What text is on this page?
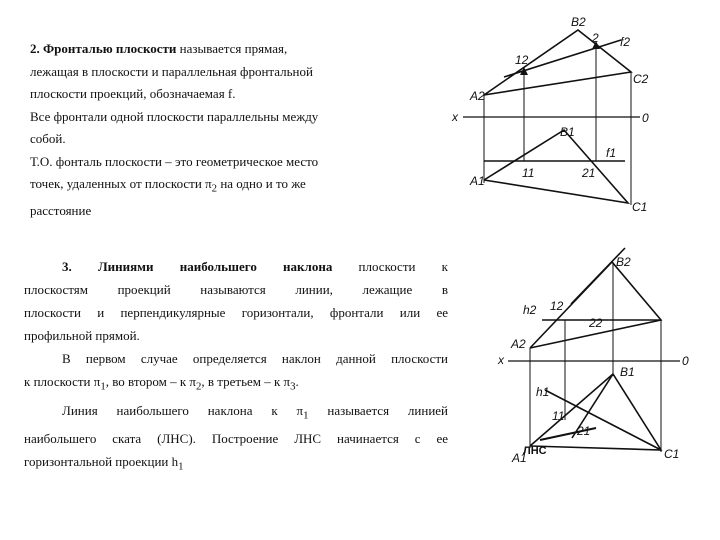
2. Фронталью плоскости называется прямая,

лежащая в плоскости и параллельная фронтальной

плоскости проекций, обозначаемая f.

Все фронтали одной плоскости параллельны между

собой.

Т.О. фонталь плоскости – это геометрическое место

точек, удаленных от плоскости $\pi_2$ на одно и то же

расстояние

3. Линиями наибольшего наклона плоскости к

плоскостям проекций называются линии, лежащие в

плоскости и перпендикулярные горизонтали, фронтали или ее

профильной прямой.

В первом случае определяется наклон данной плоскости

к плоскости $\pi_1$, во втором – к $\pi_2$, в третьем – к $\pi_3$.

Линия наибольшего наклона к $\pi_1$ называется линией

наибольшего ската (ЛНС). Построение ЛНС начинается с ее

горизонтальной проекции $h_1$

B2
2 f2
12
C2
A2
x	0
B1
f1
11	21
A1
C1
B2
h2 12
22
A2
x	0
B1
h1
11
21
A1
ЛНС	C1
